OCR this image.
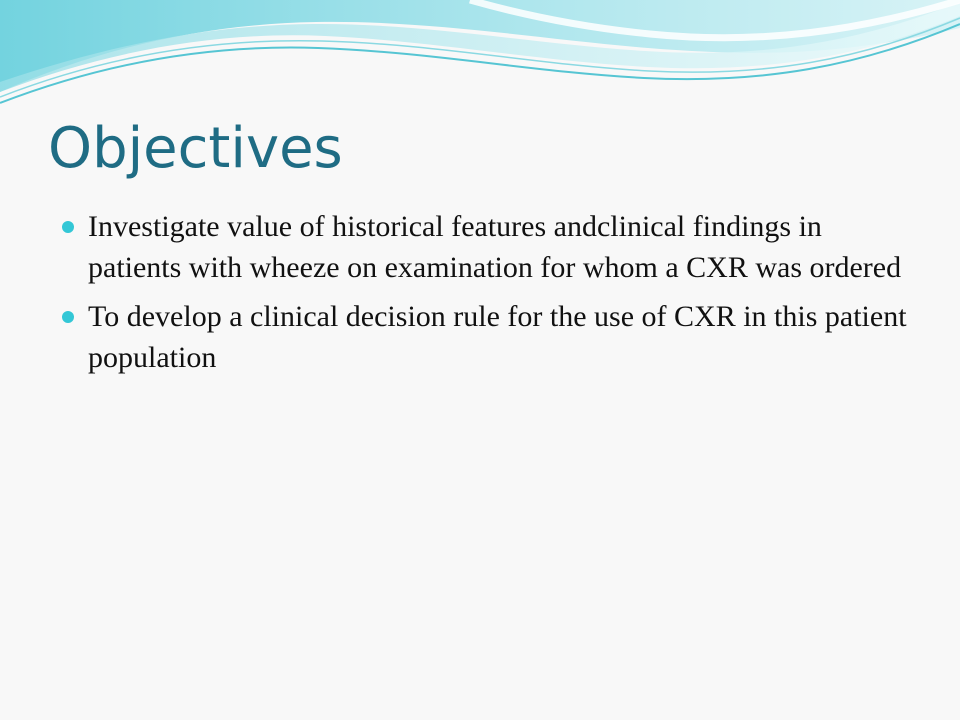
Objectives
Investigate value of historical features andclinical findings in patients with wheeze on examination for whom a CXR was ordered
To develop a clinical decision rule for the use of CXR in this patient population
